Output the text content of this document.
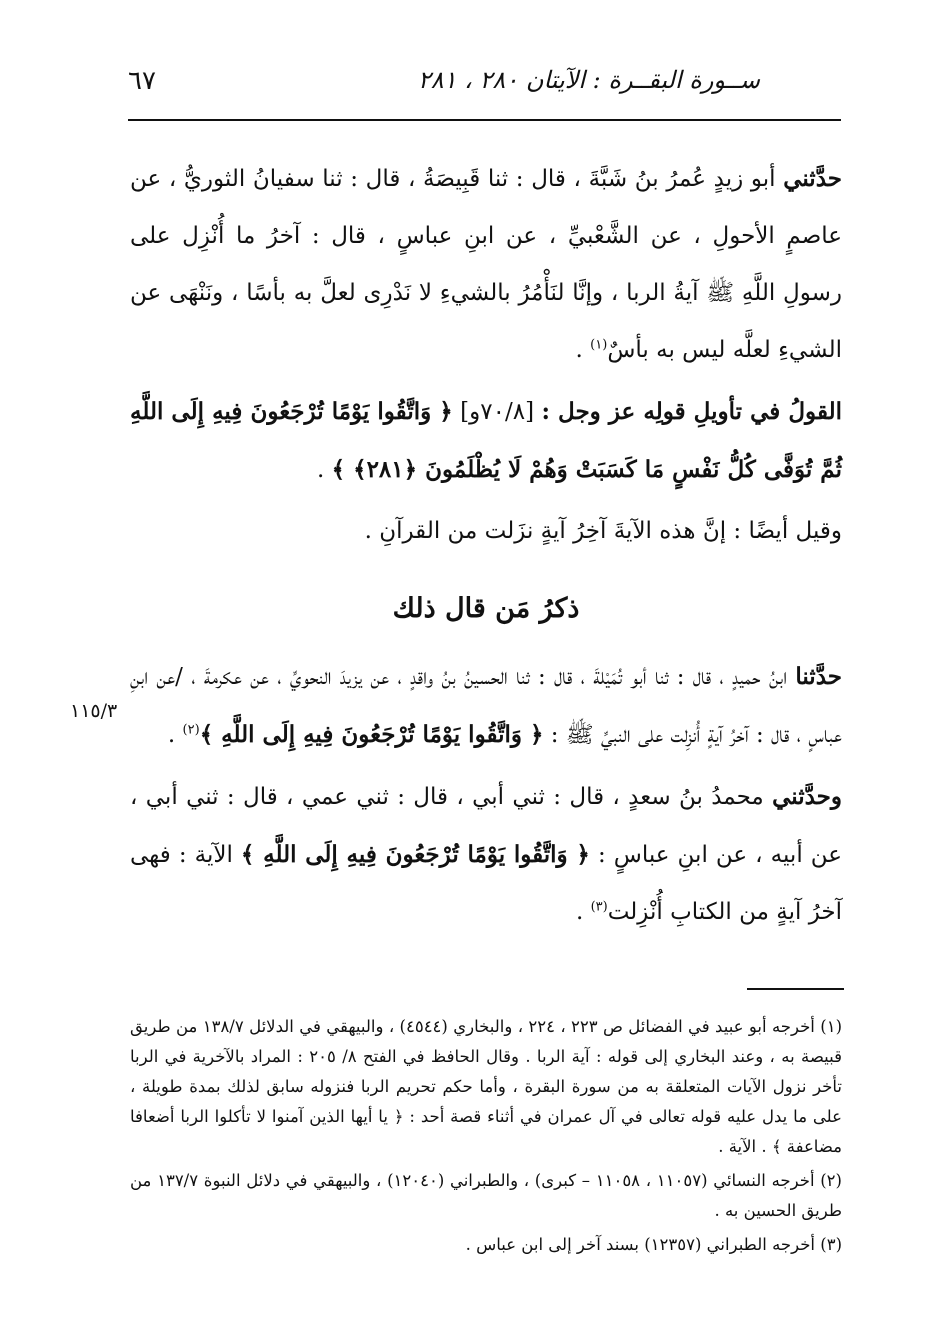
٦٧	ســورة البقــرة : الآيتان ٢٨٠ ، ٢٨١
١١٥/٣

حدَّثني أبو زيدٍ عُمرُ بنُ شَبَّةَ ، قال : ثنا قَبِيصَةُ ، قال : ثنا سفيانُ الثوريُّ ، عن عاصمٍ الأحولِ ، عن الشَّعْبيِّ ، عن ابنِ عباسٍ ، قال : آخرُ ما أُنْزِل على رسولِ اللَّهِ ﷺ آيةُ الربا ، وإنَّا لنَأْمُرُ بالشيءِ لا نَدْرِى لعلَّ به بأسًا ، ونَنْهَى عن الشيءِ لعلَّه ليس به بأسٌ$^{(١)}$ .

القولُ في تأويلِ قولِه عز وجل : [٧٠/٨و] ﴿ وَاتَّقُوا يَوْمًا تُرْجَعُونَ فِيهِ إِلَى اللَّهِ ثُمَّ تُوَفَّى كُلُّ نَفْسٍ مَا كَسَبَتْ وَهُمْ لَا يُظْلَمُونَ ﴿٢٨١﴾ ﴾ .

وقيل أيضًا : إنَّ هذه الآيةَ آخِرُ آيةٍ نزَلت من القرآنِ .

ذكرُ مَن قال ذلك

حدَّثنا ابنُ حميدٍ ، قال : ثنا أبو تُمَيْلةَ ، قال : ثنا الحسينُ بنُ واقدٍ ، عن يزيدَ النحويِّ ، عن عكرمةَ ، /عن ابنِ عباسٍ ، قال : آخرُ آيةٍ أُنزِلت على النبيِّ ﷺ : ﴿ وَاتَّقُوا يَوْمًا تُرْجَعُونَ فِيهِ إِلَى اللَّهِ ﴾$^{(٢)}$ .

وحدَّثني محمدُ بنُ سعدٍ ، قال : ثني أبي ، قال : ثني عمي ، قال : ثني أبي ، عن أبيه ، عن ابنِ عباسٍ : ﴿ وَاتَّقُوا يَوْمًا تُرْجَعُونَ فِيهِ إِلَى اللَّهِ ﴾ الآية : فهى آخرُ آيةٍ من الكتابِ أُنْزِلت$^{(٣)}$ .

(١) أخرجه أبو عبيد في الفضائل ص ٢٢٣ ، ٢٢٤ ، والبخاري (٤٥٤٤) ، والبيهقي في الدلائل ١٣٨/٧ من طريق قبيصة به ، وعند البخاري إلى قوله : آية الربا . وقال الحافظ في الفتح ٨/ ٢٠٥ : المراد بالآخرية في الربا تأخر نزول الآيات المتعلقة به من سورة البقرة ، وأما حكم تحريم الربا فنزوله سابق لذلك بمدة طويلة ، على ما يدل عليه قوله تعالى في آل عمران في أثناء قصة أحد : ﴿ يا أيها الذين آمنوا لا تأكلوا الربا أضعافا مضاعفة ﴾ . الآية .

(٢) أخرجه النسائي (١١٠٥٧ ، ١١٠٥٨ – كبرى) ، والطبراني (١٢٠٤٠) ، والبيهقي في دلائل النبوة ١٣٧/٧ من طريق الحسين به .

(٣) أخرجه الطبراني (١٢٣٥٧) بسند آخر إلى ابن عباس .
